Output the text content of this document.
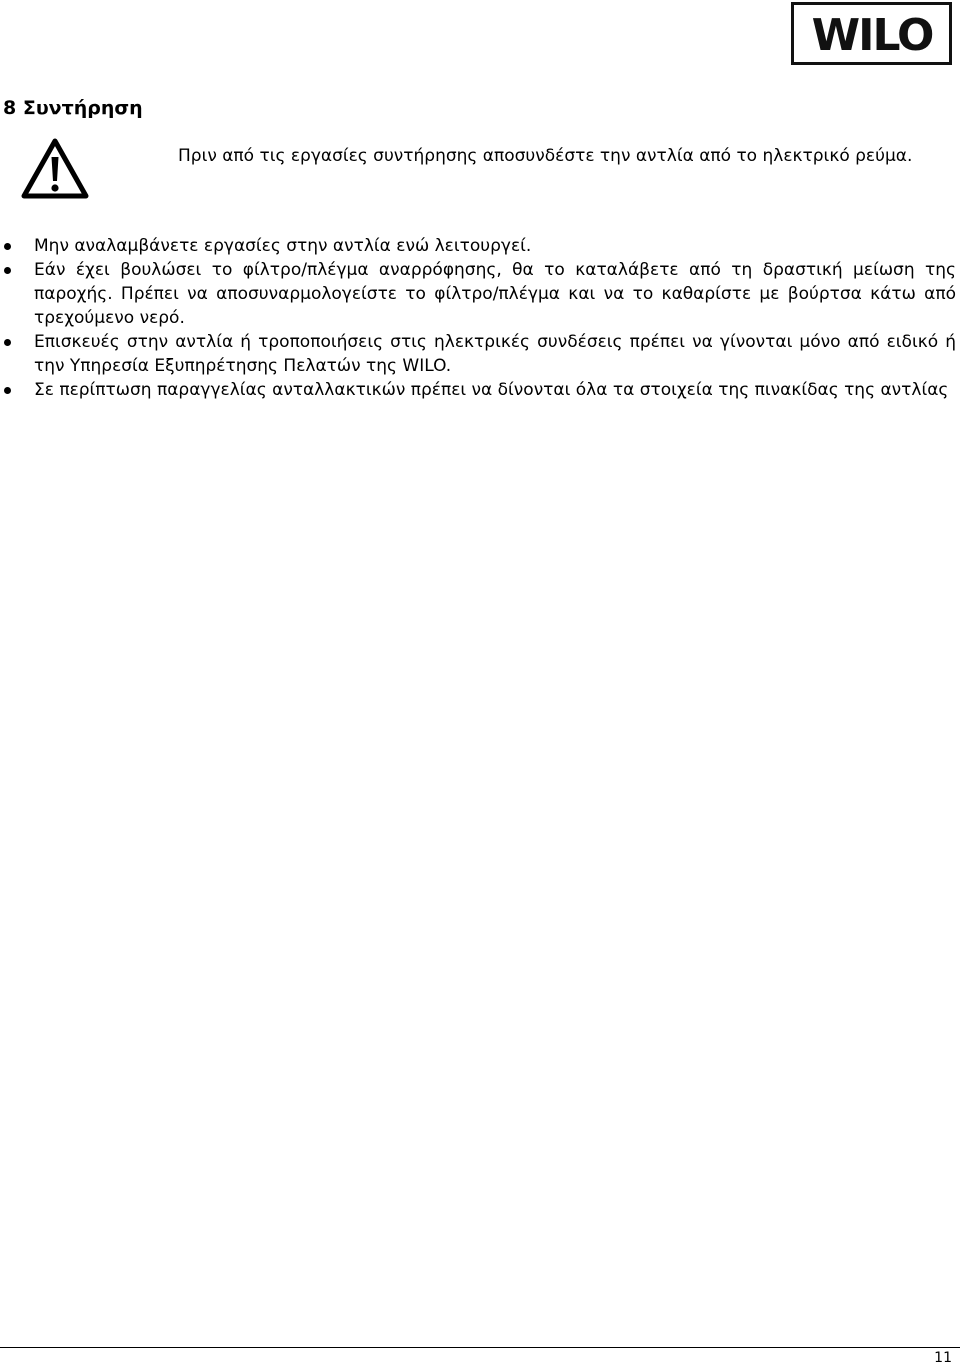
WILO
8 Συντήρηση

Πριν από τις εργασίες συντήρησης αποσυνδέστε την αντλία από το ηλεκτρικό ρεύμα.

Μην αναλαμβάνετε εργασίες στην αντλία ενώ λειτουργεί.
Εάν έχει βουλώσει το φίλτρο/πλέγμα αναρρόφησης, θα το καταλάβετε από τη δραστική μείωση της παροχής. Πρέπει να αποσυναρμολογείστε το φίλτρο/πλέγμα και να το καθαρίστε με βούρτσα κάτω από τρεχούμενο νερό.
Επισκευές στην αντλία ή τροποποιήσεις στις ηλεκτρικές συνδέσεις πρέπει να γίνονται μόνο από ειδικό ή την Υπηρεσία Εξυπηρέτησης Πελατών της WILO.
Σε περίπτωση παραγγελίας ανταλλακτικών πρέπει να δίνονται όλα τα στοιχεία της πινακίδας της αντλίας
11
